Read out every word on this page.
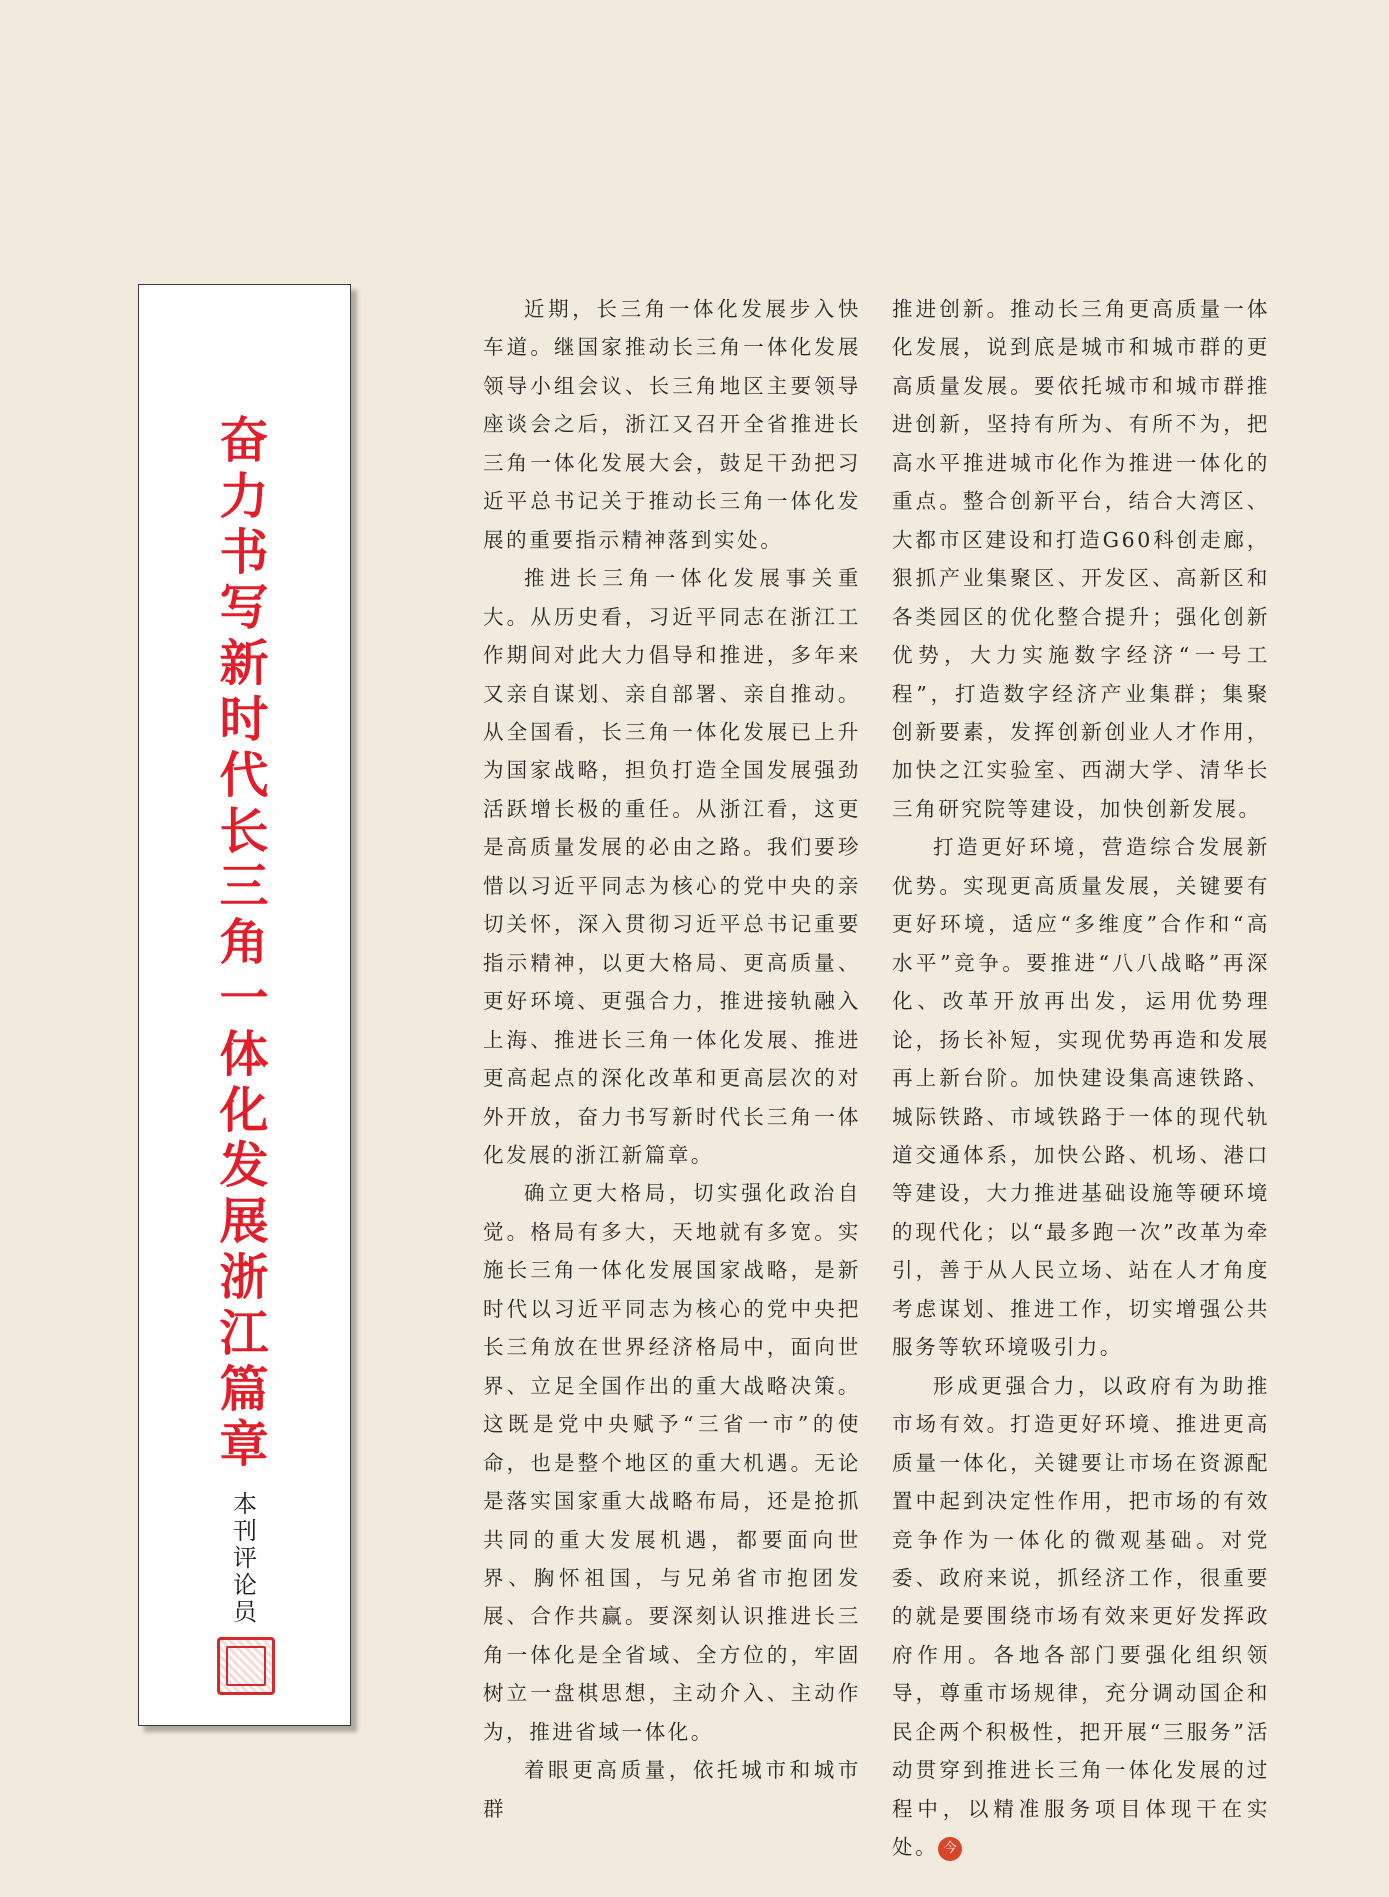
奋力书写新时代长三角一体化发展浙江篇章
本刊评论员

近期，长三角一体化发展步入快车道。继国家推动长三角一体化发展领导小组会议、长三角地区主要领导座谈会之后，浙江又召开全省推进长三角一体化发展大会，鼓足干劲把习近平总书记关于推动长三角一体化发展的重要指示精神落到实处。

推进长三角一体化发展事关重大。从历史看，习近平同志在浙江工作期间对此大力倡导和推进，多年来又亲自谋划、亲自部署、亲自推动。从全国看，长三角一体化发展已上升为国家战略，担负打造全国发展强劲活跃增长极的重任。从浙江看，这更是高质量发展的必由之路。我们要珍惜以习近平同志为核心的党中央的亲切关怀，深入贯彻习近平总书记重要指示精神，以更大格局、更高质量、更好环境、更强合力，推进接轨融入上海、推进长三角一体化发展、推进更高起点的深化改革和更高层次的对外开放，奋力书写新时代长三角一体化发展的浙江新篇章。

确立更大格局，切实强化政治自觉。格局有多大，天地就有多宽。实施长三角一体化发展国家战略，是新时代以习近平同志为核心的党中央把长三角放在世界经济格局中，面向世界、立足全国作出的重大战略决策。这既是党中央赋予“三省一市”的使命，也是整个地区的重大机遇。无论是落实国家重大战略布局，还是抢抓共同的重大发展机遇，都要面向世界、胸怀祖国，与兄弟省市抱团发展、合作共赢。要深刻认识推进长三角一体化是全省域、全方位的，牢固树立一盘棋思想，主动介入、主动作为，推进省域一体化。

着眼更高质量，依托城市和城市群

推进创新。推动长三角更高质量一体化发展，说到底是城市和城市群的更高质量发展。要依托城市和城市群推进创新，坚持有所为、有所不为，把高水平推进城市化作为推进一体化的重点。整合创新平台，结合大湾区、大都市区建设和打造G60科创走廊，狠抓产业集聚区、开发区、高新区和各类园区的优化整合提升；强化创新优势，大力实施数字经济“一号工程”，打造数字经济产业集群；集聚创新要素，发挥创新创业人才作用，加快之江实验室、西湖大学、清华长三角研究院等建设，加快创新发展。

打造更好环境，营造综合发展新优势。实现更高质量发展，关键要有更好环境，适应“多维度”合作和“高水平”竞争。要推进“八八战略”再深化、改革开放再出发，运用优势理论，扬长补短，实现优势再造和发展再上新台阶。加快建设集高速铁路、城际铁路、市域铁路于一体的现代轨道交通体系，加快公路、机场、港口等建设，大力推进基础设施等硬环境的现代化；以“最多跑一次”改革为牵引，善于从人民立场、站在人才角度考虑谋划、推进工作，切实增强公共服务等软环境吸引力。

形成更强合力，以政府有为助推市场有效。打造更好环境、推进更高质量一体化，关键要让市场在资源配置中起到决定性作用，把市场的有效竞争作为一体化的微观基础。对党委、政府来说，抓经济工作，很重要的就是要围绕市场有效来更好发挥政府作用。各地各部门要强化组织领导，尊重市场规律，充分调动国企和民企两个积极性，把开展“三服务”活动贯穿到推进长三角一体化发展的过程中，以精准服务项目体现干在实处。 今
